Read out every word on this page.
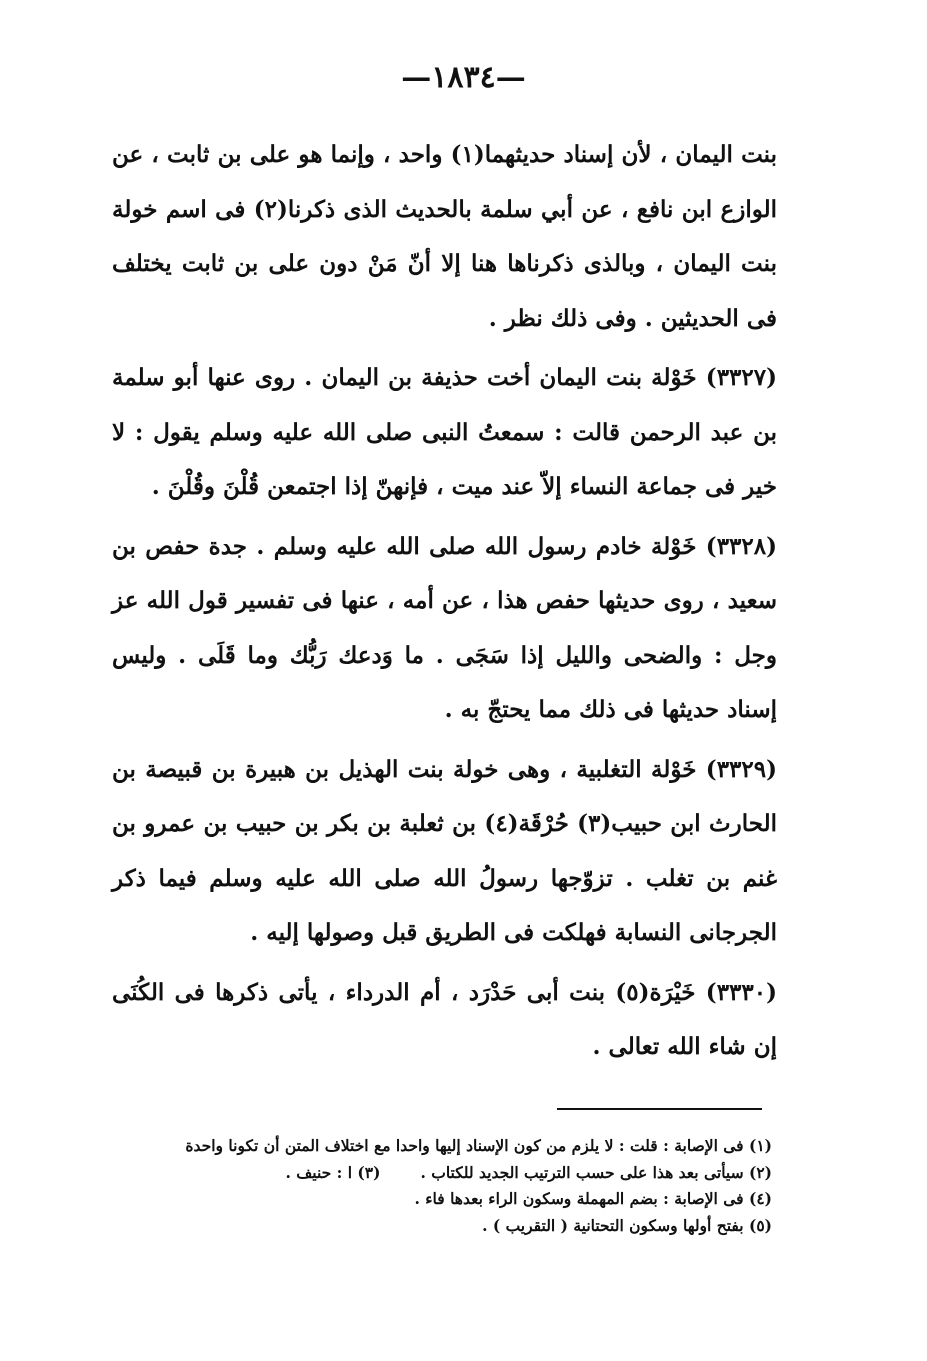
—١٨٣٤—

بنت اليمان ، لأن إسناد حديثهما(١) واحد ، وإنما هو على بن ثابت ، عن الوازع ابن نافع ، عن أبي سلمة بالحديث الذى ذكرنا(٢) فى اسم خولة بنت اليمان ، وبالذى ذكرناها هنا إلا أنّ مَنْ دون على بن ثابت يختلف فى الحديثين . وفى ذلك نظر .

(٣٣٢٧) خَوْلة بنت اليمان أخت حذيفة بن اليمان . روى عنها أبو سلمة بن عبد الرحمن قالت : سمعتُ النبى صلى الله عليه وسلم يقول : لا خير فى جماعة النساء إلاّ عند ميت ، فإنهنّ إذا اجتمعن قُلْنَ وقُلْنَ .

(٣٣٢٨) خَوْلة خادم رسول الله صلى الله عليه وسلم . جدة حفص بن سعيد ، روى حديثها حفص هذا ، عن أمه ، عنها فى تفسير قول الله عز وجل : والضحى والليل إذا سَجَى . ما وَدعك رَبُّك وما قَلَى . وليس إسناد حديثها فى ذلك مما يحتجّ به .

(٣٣٢٩) خَوْلة التغلبية ، وهى خولة بنت الهذيل بن هبيرة بن قبيصة بن الحارث ابن حبيب(٣) حُرْقَة(٤) بن ثعلبة بن بكر بن حبيب بن عمرو بن غنم بن تغلب . تزوّجها رسولُ الله صلى الله عليه وسلم فيما ذكر الجرجانى النسابة فهلكت فى الطريق قبل وصولها إليه .

(٣٣٣٠) خَيْرَة(٥) بنت أبى حَدْرَد ، أم الدرداء ، يأتى ذكرها فى الكُنَى إن شاء الله تعالى .

(١) فى الإصابة : قلت : لا يلزم من كون الإسناد إليها واحدا مع اختلاف المتن أن تكونا واحدة
(٢) سيأتى بعد هذا على حسب الترتيب الجديد للكتاب .(٣) ا : حنيف .
(٤) فى الإصابة : بضم المهملة وسكون الراء بعدها فاء .
(٥) بفتح أولها وسكون التحتانية ( التقريب ) .
